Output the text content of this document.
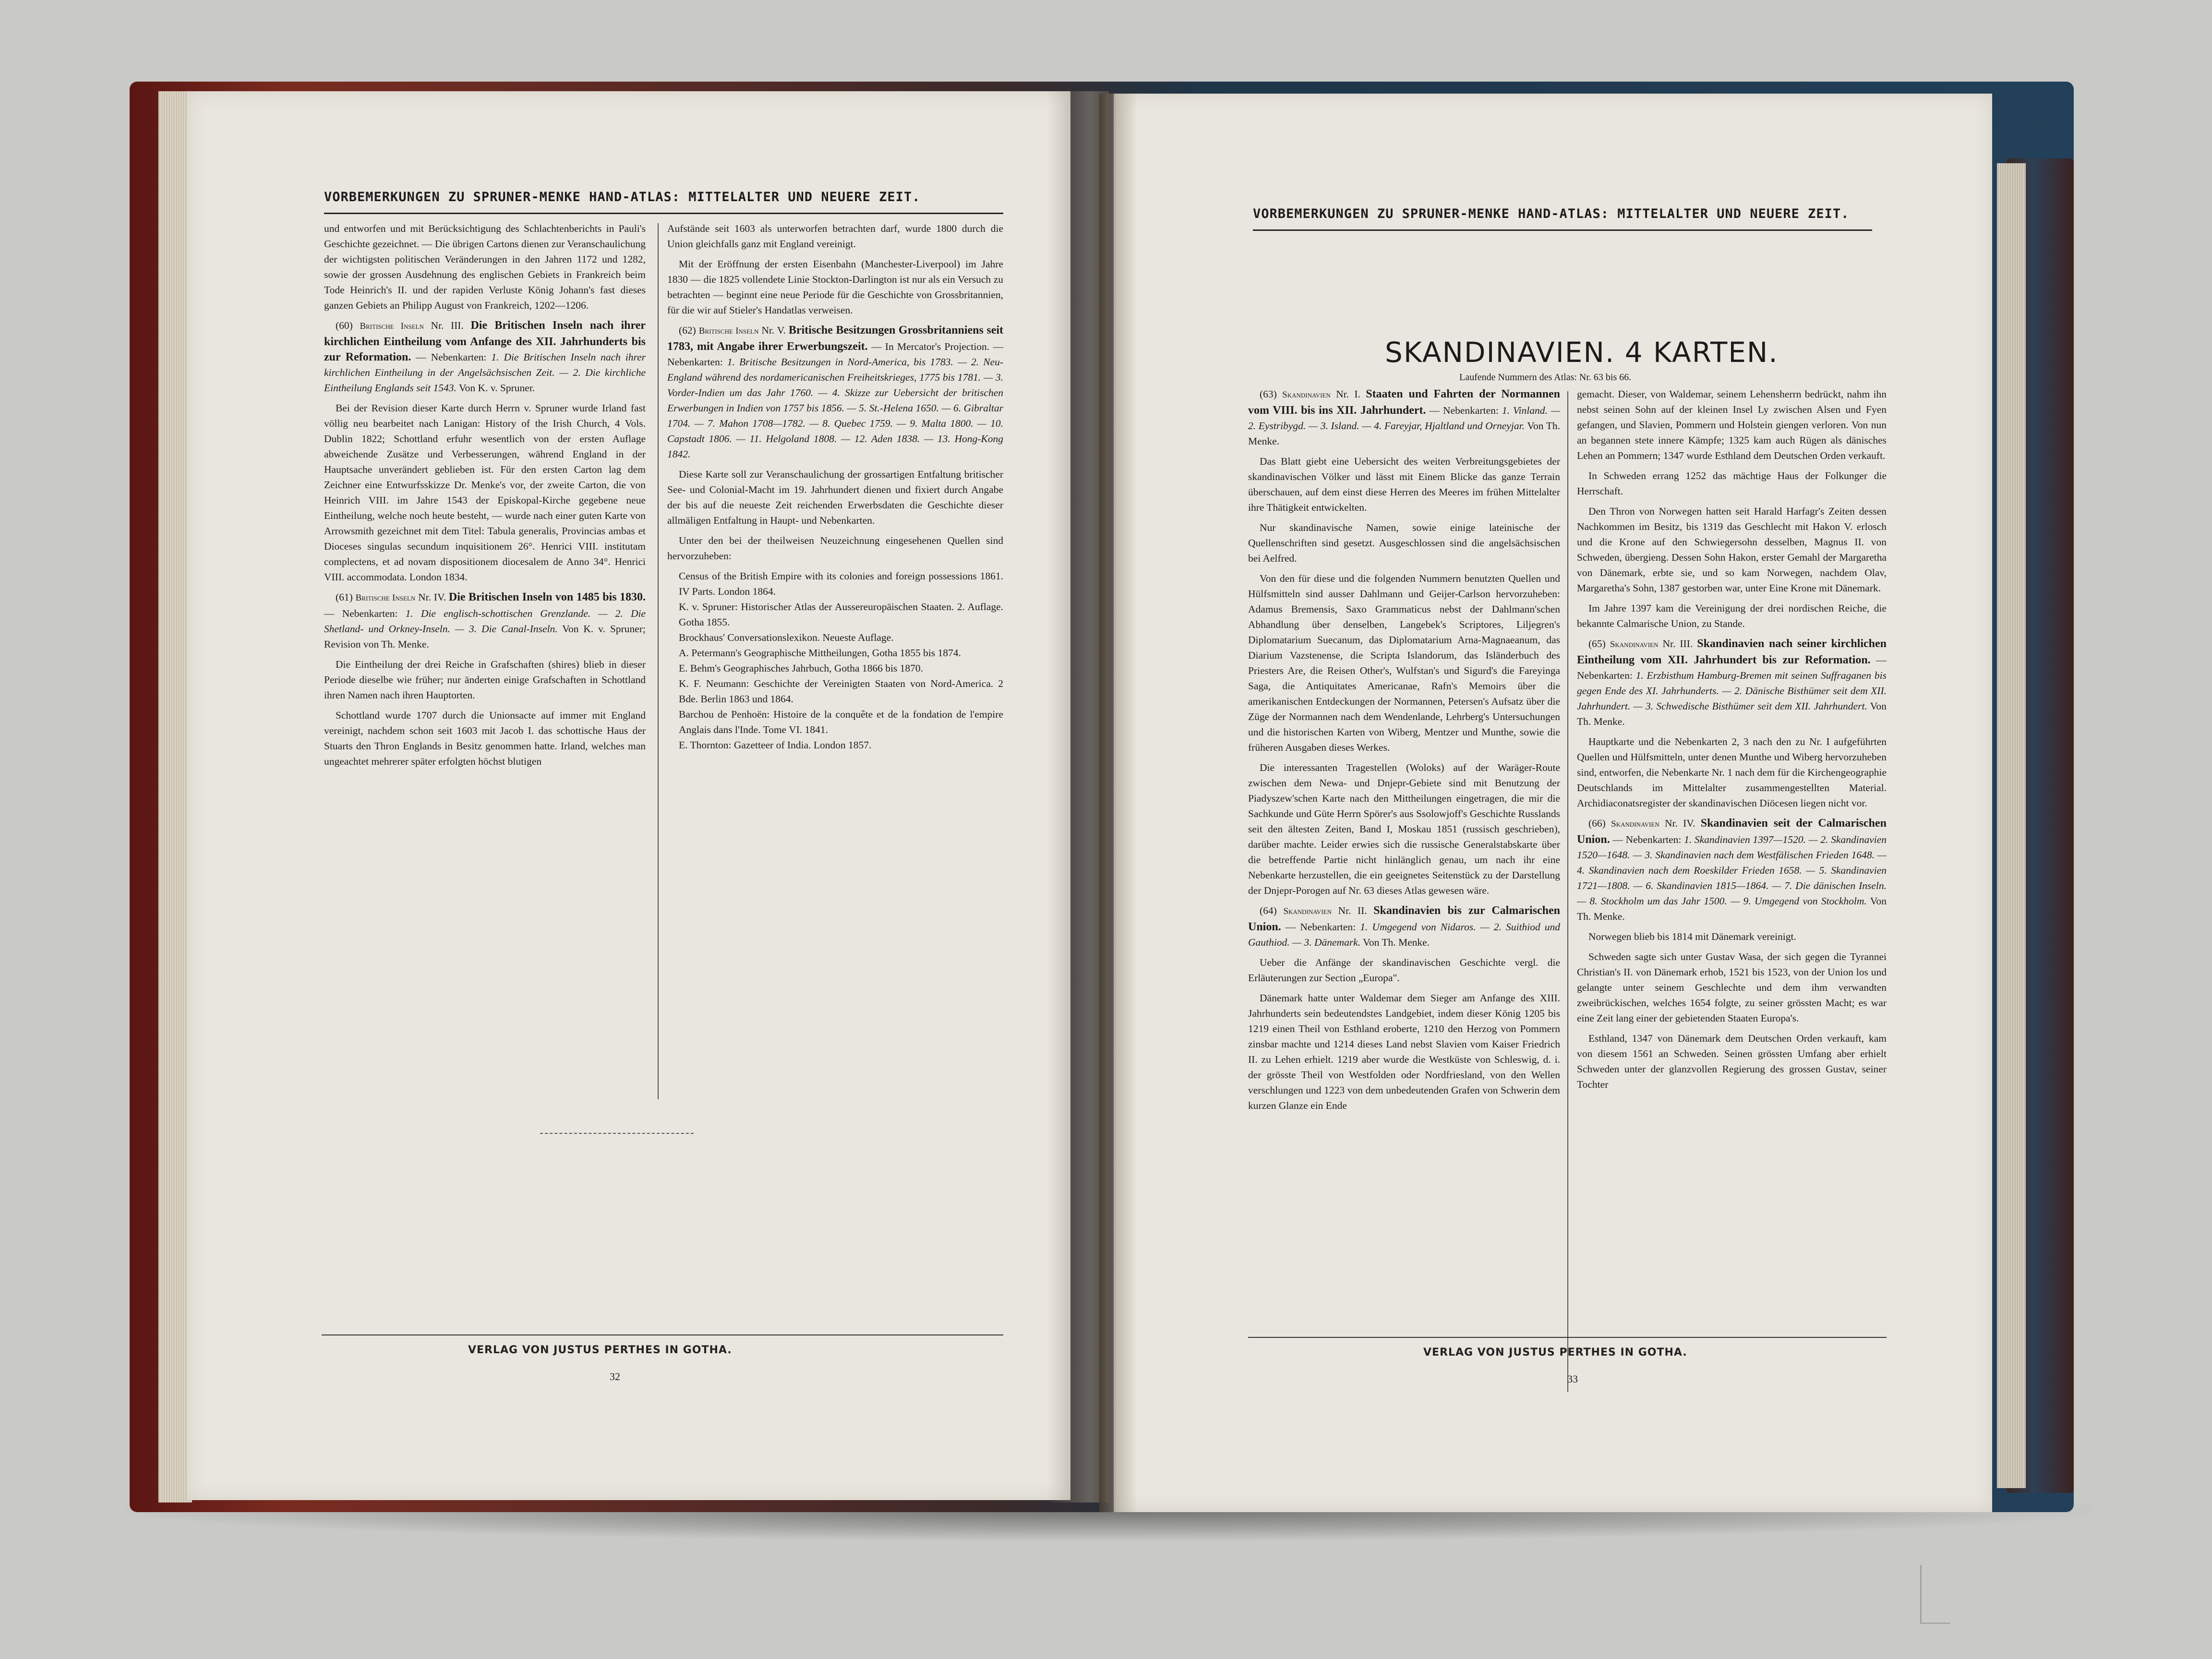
VORBEMERKUNGEN ZU SPRUNER-MENKE HAND-ATLAS: MITTELALTER UND NEUERE ZEIT.

und entworfen und mit Berücksichtigung des Schlachtenberichts in Pauli's Geschichte gezeichnet. — Die übrigen Cartons dienen zur Veranschaulichung der wichtigsten politischen Veränderungen in den Jahren 1172 und 1282, sowie der grossen Ausdehnung des englischen Gebiets in Frankreich beim Tode Heinrich's II. und der rapiden Verluste König Johann's fast dieses ganzen Gebiets an Philipp August von Frankreich, 1202—1206.

(60) Britische Inseln Nr. III. Die Britischen Inseln nach ihrer kirchlichen Eintheilung vom Anfange des XII. Jahrhunderts bis zur Reformation. — Nebenkarten: 1. Die Britischen Inseln nach ihrer kirchlichen Eintheilung in der Angelsächsischen Zeit. — 2. Die kirchliche Eintheilung Englands seit 1543. Von K. v. Spruner.

Bei der Revision dieser Karte durch Herrn v. Spruner wurde Irland fast völlig neu bearbeitet nach Lanigan: History of the Irish Church, 4 Vols. Dublin 1822; Schottland erfuhr wesentlich von der ersten Auflage abweichende Zusätze und Verbesserungen, während England in der Hauptsache unverändert geblieben ist. Für den ersten Carton lag dem Zeichner eine Entwurfsskizze Dr. Menke's vor, der zweite Carton, die von Heinrich VIII. im Jahre 1543 der Episkopal-Kirche gegebene neue Eintheilung, welche noch heute besteht, — wurde nach einer guten Karte von Arrowsmith gezeichnet mit dem Titel: Tabula generalis, Provincias ambas et Dioceses singulas secundum inquisitionem 26°. Henrici VIII. institutam complectens, et ad novam dispositionem diocesalem de Anno 34°. Henrici VIII. accommodata. London 1834.

(61) Britische Inseln Nr. IV. Die Britischen Inseln von 1485 bis 1830. — Nebenkarten: 1. Die englisch-schottischen Grenzlande. — 2. Die Shetland- und Orkney-Inseln. — 3. Die Canal-Inseln. Von K. v. Spruner; Revision von Th. Menke.

Die Eintheilung der drei Reiche in Grafschaften (shires) blieb in dieser Periode dieselbe wie früher; nur änderten einige Grafschaften in Schottland ihren Namen nach ihren Hauptorten.

Schottland wurde 1707 durch die Unionsacte auf immer mit England vereinigt, nachdem schon seit 1603 mit Jacob I. das schottische Haus der Stuarts den Thron Englands in Besitz genommen hatte. Irland, welches man ungeachtet mehrerer später erfolgten höchst blutigen

Aufstände seit 1603 als unterworfen betrachten darf, wurde 1800 durch die Union gleichfalls ganz mit England vereinigt.

Mit der Eröffnung der ersten Eisenbahn (Manchester-Liverpool) im Jahre 1830 — die 1825 vollendete Linie Stockton-Darlington ist nur als ein Versuch zu betrachten — beginnt eine neue Periode für die Geschichte von Grossbritannien, für die wir auf Stieler's Handatlas verweisen.

(62) Britische Inseln Nr. V. Britische Besitzungen Grossbritanniens seit 1783, mit Angabe ihrer Erwerbungszeit. — In Mercator's Projection. — Nebenkarten: 1. Britische Besitzungen in Nord-America, bis 1783. — 2. Neu-England während des nordamericanischen Freiheitskrieges, 1775 bis 1781. — 3. Vorder-Indien um das Jahr 1760. — 4. Skizze zur Uebersicht der britischen Erwerbungen in Indien von 1757 bis 1856. — 5. St.-Helena 1650. — 6. Gibraltar 1704. — 7. Mahon 1708—1782. — 8. Quebec 1759. — 9. Malta 1800. — 10. Capstadt 1806. — 11. Helgoland 1808. — 12. Aden 1838. — 13. Hong-Kong 1842.

Diese Karte soll zur Veranschaulichung der grossartigen Entfaltung britischer See- und Colonial-Macht im 19. Jahrhundert dienen und fixiert durch Angabe der bis auf die neueste Zeit reichenden Erwerbsdaten die Geschichte dieser allmäligen Entfaltung in Haupt- und Nebenkarten.

Unter den bei der theilweisen Neuzeichnung eingesehenen Quellen sind hervorzuheben:

Census of the British Empire with its colonies and foreign possessions 1861. IV Parts. London 1864.
K. v. Spruner: Historischer Atlas der Aussereuropäischen Staaten. 2. Auflage. Gotha 1855.
Brockhaus' Conversationslexikon. Neueste Auflage.
A. Petermann's Geographische Mittheilungen, Gotha 1855 bis 1874.
E. Behm's Geographisches Jahrbuch, Gotha 1866 bis 1870.
K. F. Neumann: Geschichte der Vereinigten Staaten von Nord-America. 2 Bde. Berlin 1863 und 1864.
Barchou de Penhoën: Histoire de la conquête et de la fondation de l'empire Anglais dans l'Inde. Tome VI. 1841.
E. Thornton: Gazetteer of India. London 1857.
VERLAG VON JUSTUS PERTHES IN GOTHA.
32
VORBEMERKUNGEN ZU SPRUNER-MENKE HAND-ATLAS: MITTELALTER UND NEUERE ZEIT.
SKANDINAVIEN. 4 KARTEN.
Laufende Nummern des Atlas: Nr. 63 bis 66.

(63) Skandinavien Nr. I. Staaten und Fahrten der Normannen vom VIII. bis ins XII. Jahrhundert. — Nebenkarten: 1. Vinland. — 2. Eystribygd. — 3. Island. — 4. Fareyjar, Hjaltland und Orneyjar. Von Th. Menke.

Das Blatt giebt eine Uebersicht des weiten Verbreitungsgebietes der skandinavischen Völker und lässt mit Einem Blicke das ganze Terrain überschauen, auf dem einst diese Herren des Meeres im frühen Mittelalter ihre Thätigkeit entwickelten.

Nur skandinavische Namen, sowie einige lateinische der Quellenschriften sind gesetzt. Ausgeschlossen sind die angelsächsischen bei Aelfred.

Von den für diese und die folgenden Nummern benutzten Quellen und Hülfsmitteln sind ausser Dahlmann und Geijer-Carlson hervorzuheben: Adamus Bremensis, Saxo Grammaticus nebst der Dahlmann'schen Abhandlung über denselben, Langebek's Scriptores, Liljegren's Diplomatarium Suecanum, das Diplomatarium Arna-Magnaeanum, das Diarium Vazstenense, die Scripta Islandorum, das Isländerbuch des Priesters Are, die Reisen Other's, Wulfstan's und Sigurd's die Fareyinga Saga, die Antiquitates Americanae, Rafn's Memoirs über die amerikanischen Entdeckungen der Normannen, Petersen's Aufsatz über die Züge der Normannen nach dem Wendenlande, Lehrberg's Untersuchungen und die historischen Karten von Wiberg, Mentzer und Munthe, sowie die früheren Ausgaben dieses Werkes.

Die interessanten Tragestellen (Woloks) auf der Waräger-Route zwischen dem Newa- und Dnjepr-Gebiete sind mit Benutzung der Piadyszew'schen Karte nach den Mittheilungen eingetragen, die mir die Sachkunde und Güte Herrn Spörer's aus Ssolowjoff's Geschichte Russlands seit den ältesten Zeiten, Band I, Moskau 1851 (russisch geschrieben), darüber machte. Leider erwies sich die russische Generalstabskarte über die betreffende Partie nicht hinlänglich genau, um nach ihr eine Nebenkarte herzustellen, die ein geeignetes Seitenstück zu der Darstellung der Dnjepr-Porogen auf Nr. 63 dieses Atlas gewesen wäre.

(64) Skandinavien Nr. II. Skandinavien bis zur Calmarischen Union. — Nebenkarten: 1. Umgegend von Nidaros. — 2. Suithiod und Gauthiod. — 3. Dänemark. Von Th. Menke.

Ueber die Anfänge der skandinavischen Geschichte vergl. die Erläuterungen zur Section „Europa".

Dänemark hatte unter Waldemar dem Sieger am Anfange des XIII. Jahrhunderts sein bedeutendstes Landgebiet, indem dieser König 1205 bis 1219 einen Theil von Esthland eroberte, 1210 den Herzog von Pommern zinsbar machte und 1214 dieses Land nebst Slavien vom Kaiser Friedrich II. zu Lehen erhielt. 1219 aber wurde die Westküste von Schleswig, d. i. der grösste Theil von Westfolden oder Nordfriesland, von den Wellen verschlungen und 1223 von dem unbedeutenden Grafen von Schwerin dem kurzen Glanze ein Ende

gemacht. Dieser, von Waldemar, seinem Lehensherrn bedrückt, nahm ihn nebst seinen Sohn auf der kleinen Insel Ly zwischen Alsen und Fyen gefangen, und Slavien, Pommern und Holstein giengen verloren. Von nun an begannen stete innere Kämpfe; 1325 kam auch Rügen als dänisches Lehen an Pommern; 1347 wurde Esthland dem Deutschen Orden verkauft.

In Schweden errang 1252 das mächtige Haus der Folkunger die Herrschaft.

Den Thron von Norwegen hatten seit Harald Harfagr's Zeiten dessen Nachkommen im Besitz, bis 1319 das Geschlecht mit Hakon V. erlosch und die Krone auf den Schwiegersohn desselben, Magnus II. von Schweden, übergieng. Dessen Sohn Hakon, erster Gemahl der Margaretha von Dänemark, erbte sie, und so kam Norwegen, nachdem Olav, Margaretha's Sohn, 1387 gestorben war, unter Eine Krone mit Dänemark.

Im Jahre 1397 kam die Vereinigung der drei nordischen Reiche, die bekannte Calmarische Union, zu Stande.

(65) Skandinavien Nr. III. Skandinavien nach seiner kirchlichen Eintheilung vom XII. Jahrhundert bis zur Reformation. — Nebenkarten: 1. Erzbisthum Hamburg-Bremen mit seinen Suffraganen bis gegen Ende des XI. Jahrhunderts. — 2. Dänische Bisthümer seit dem XII. Jahrhundert. — 3. Schwedische Bisthümer seit dem XII. Jahrhundert. Von Th. Menke.

Hauptkarte und die Nebenkarten 2, 3 nach den zu Nr. I aufgeführten Quellen und Hülfsmitteln, unter denen Munthe und Wiberg hervorzuheben sind, entworfen, die Nebenkarte Nr. 1 nach dem für die Kirchengeographie Deutschlands im Mittelalter zusammengestellten Material. Archidiaconatsregister der skandinavischen Diöcesen liegen nicht vor.

(66) Skandinavien Nr. IV. Skandinavien seit der Calmarischen Union. — Nebenkarten: 1. Skandinavien 1397—1520. — 2. Skandinavien 1520—1648. — 3. Skandinavien nach dem Westfälischen Frieden 1648. — 4. Skandinavien nach dem Roeskilder Frieden 1658. — 5. Skandinavien 1721—1808. — 6. Skandinavien 1815—1864. — 7. Die dänischen Inseln. — 8. Stockholm um das Jahr 1500. — 9. Umgegend von Stockholm. Von Th. Menke.

Norwegen blieb bis 1814 mit Dänemark vereinigt.

Schweden sagte sich unter Gustav Wasa, der sich gegen die Tyrannei Christian's II. von Dänemark erhob, 1521 bis 1523, von der Union los und gelangte unter seinem Geschlechte und dem ihm verwandten zweibrückischen, welches 1654 folgte, zu seiner grössten Macht; es war eine Zeit lang einer der gebietenden Staaten Europa's.

Esthland, 1347 von Dänemark dem Deutschen Orden verkauft, kam von diesem 1561 an Schweden. Seinen grössten Umfang aber erhielt Schweden unter der glanzvollen Regierung des grossen Gustav, seiner Tochter

VERLAG VON JUSTUS PERTHES IN GOTHA.
33
